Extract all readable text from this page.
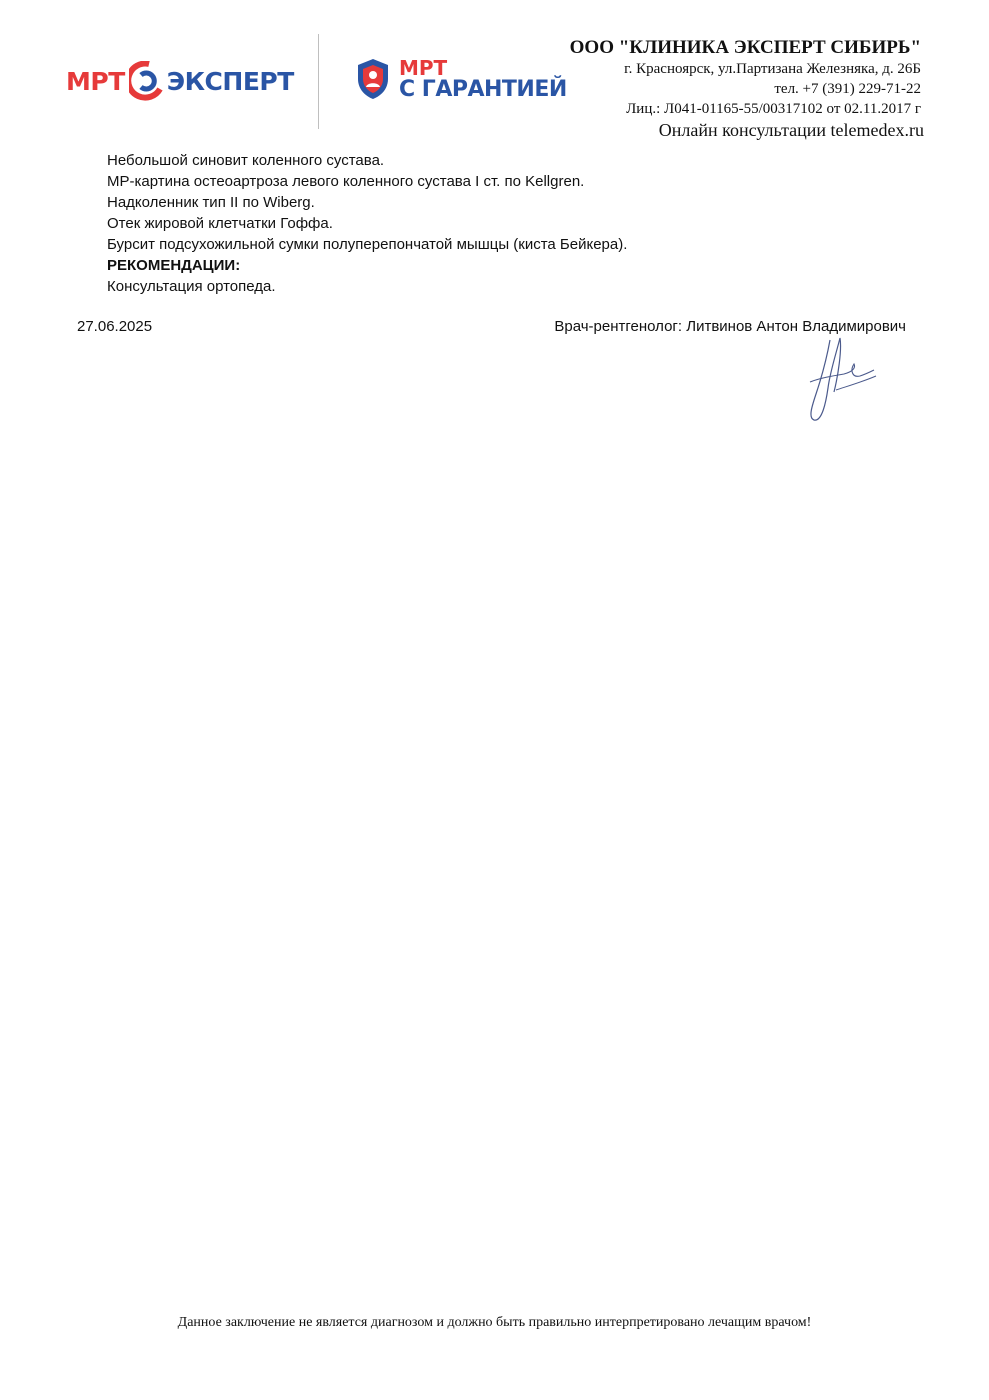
МРТ ЭКСПЕРТ	МРТ
С ГАРАНТИЕЙ
ООО "КЛИНИКА ЭКСПЕРТ СИБИРЬ"
г. Красноярск, ул.Партизана Железняка, д. 26Б
тел. +7 (391) 229-71-22
Лиц.: Л041-01165-55/00317102 от 02.11.2017 г
Онлайн консультации telemedex.ru
Небольшой синовит коленного сустава.
МР-картина остеоартроза левого коленного сустава I ст. по Kellgren.
Надколенник тип II по Wiberg.
Отек жировой клетчатки Гоффа.
Бурсит подсухожильной сумки полуперепончатой мышцы (киста Бейкера).
РЕКОМЕНДАЦИИ:
Консультация ортопеда.
27.06.2025	Врач-рентгенолог: Литвинов Антон Владимирович
Данное заключение не является диагнозом и должно быть правильно интерпретировано лечащим врачом!
